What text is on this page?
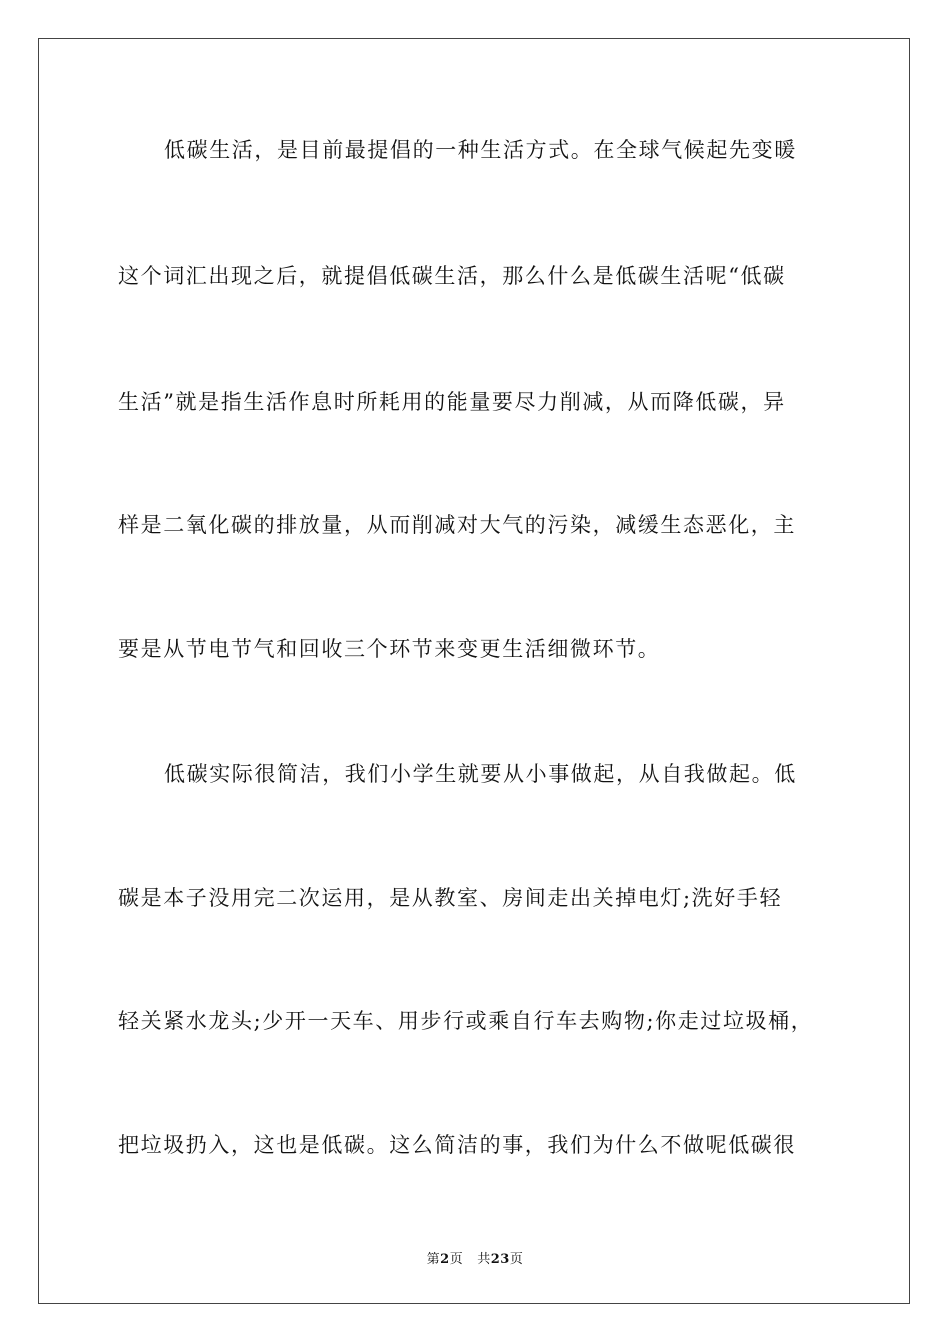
低碳生活，是目前最提倡的一种生活方式。在全球气候起先变暖
这个词汇出现之后，就提倡低碳生活，那么什么是低碳生活呢“低碳
生活”就是指生活作息时所耗用的能量要尽力削减，从而降低碳，异
样是二氧化碳的排放量，从而削减对大气的污染，减缓生态恶化，主
要是从节电节气和回收三个环节来变更生活细微环节。
低碳实际很简洁，我们小学生就要从小事做起，从自我做起。低
碳是本子没用完二次运用，是从教室、房间走出关掉电灯;洗好手轻
轻关紧水龙头;少开一天车、用步行或乘自行车去购物;你走过垃圾桶，
把垃圾扔入，这也是低碳。这么简洁的事，我们为什么不做呢低碳很
第2页 共23页
